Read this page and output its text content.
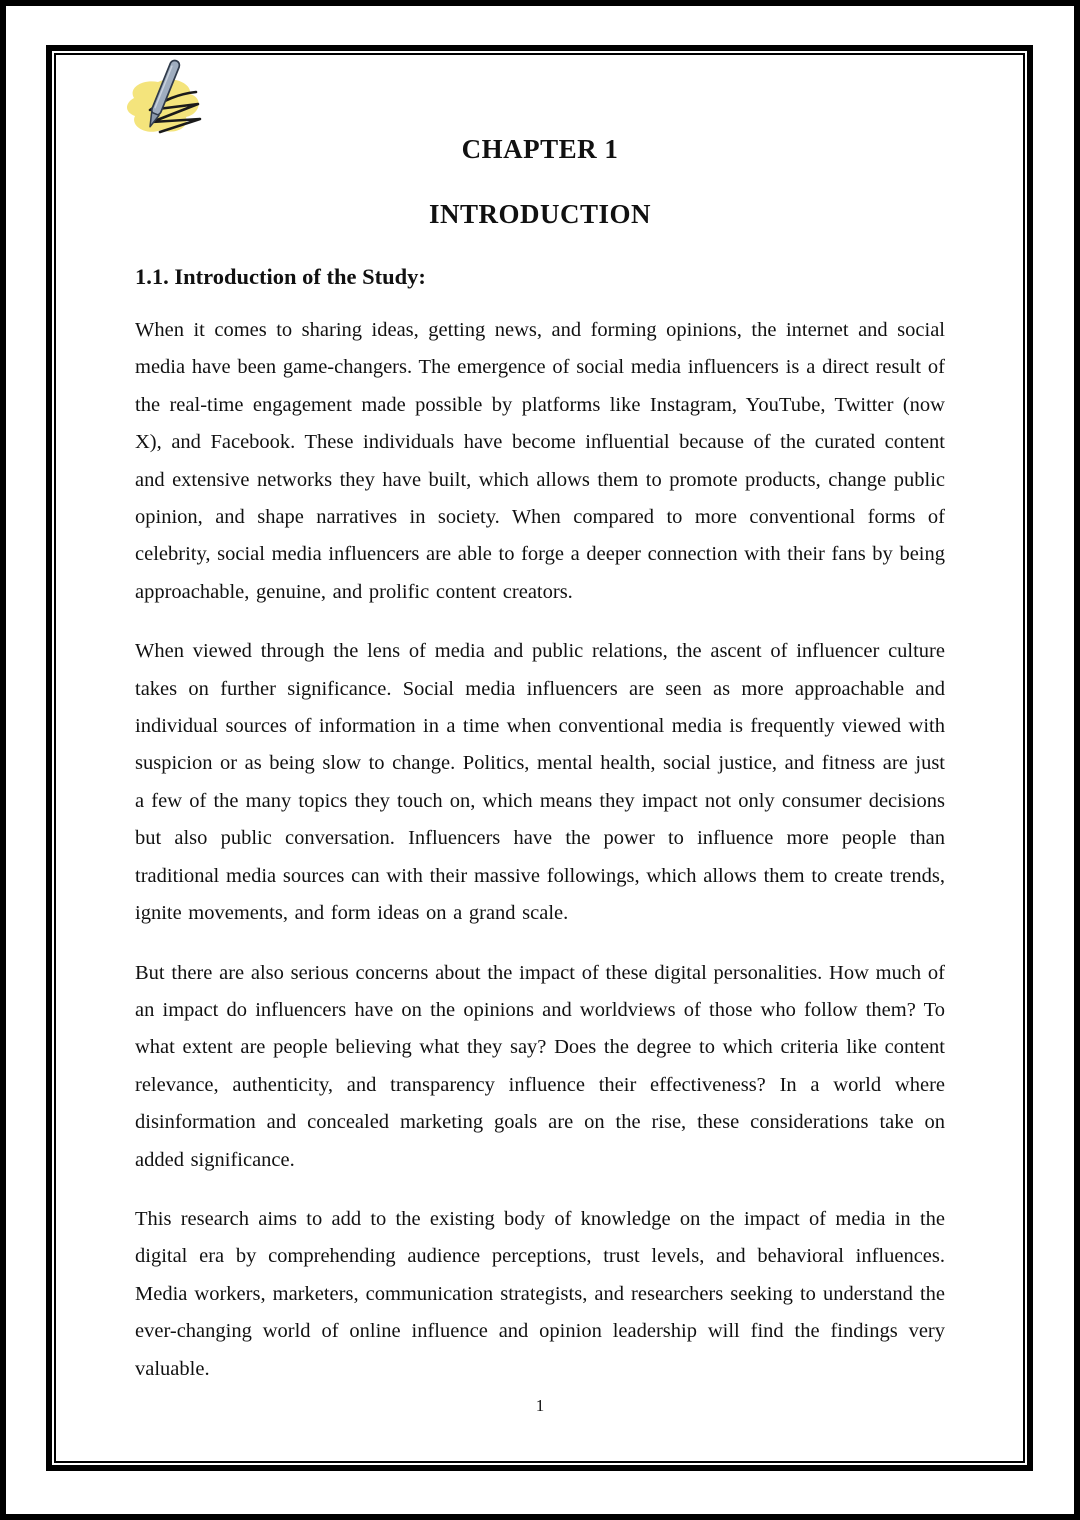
CHAPTER 1
INTRODUCTION
1.1. Introduction of the Study:

When it comes to sharing ideas, getting news, and forming opinions, the internet and social media have been game-changers. The emergence of social media influencers is a direct result of the real-time engagement made possible by platforms like Instagram, YouTube, Twitter (now X), and Facebook. These individuals have become influential because of the curated content and extensive networks they have built, which allows them to promote products, change public opinion, and shape narratives in society. When compared to more conventional forms of celebrity, social media influencers are able to forge a deeper connection with their fans by being approachable, genuine, and prolific content creators.

When viewed through the lens of media and public relations, the ascent of influencer culture takes on further significance. Social media influencers are seen as more approachable and individual sources of information in a time when conventional media is frequently viewed with suspicion or as being slow to change. Politics, mental health, social justice, and fitness are just a few of the many topics they touch on, which means they impact not only consumer decisions but also public conversation. Influencers have the power to influence more people than traditional media sources can with their massive followings, which allows them to create trends, ignite movements, and form ideas on a grand scale.

But there are also serious concerns about the impact of these digital personalities. How much of an impact do influencers have on the opinions and worldviews of those who follow them? To what extent are people believing what they say? Does the degree to which criteria like content relevance, authenticity, and transparency influence their effectiveness? In a world where disinformation and concealed marketing goals are on the rise, these considerations take on added significance.

This research aims to add to the existing body of knowledge on the impact of media in the digital era by comprehending audience perceptions, trust levels, and behavioral influences. Media workers, marketers, communication strategists, and researchers seeking to understand the ever-changing world of online influence and opinion leadership will find the findings very valuable.

1
